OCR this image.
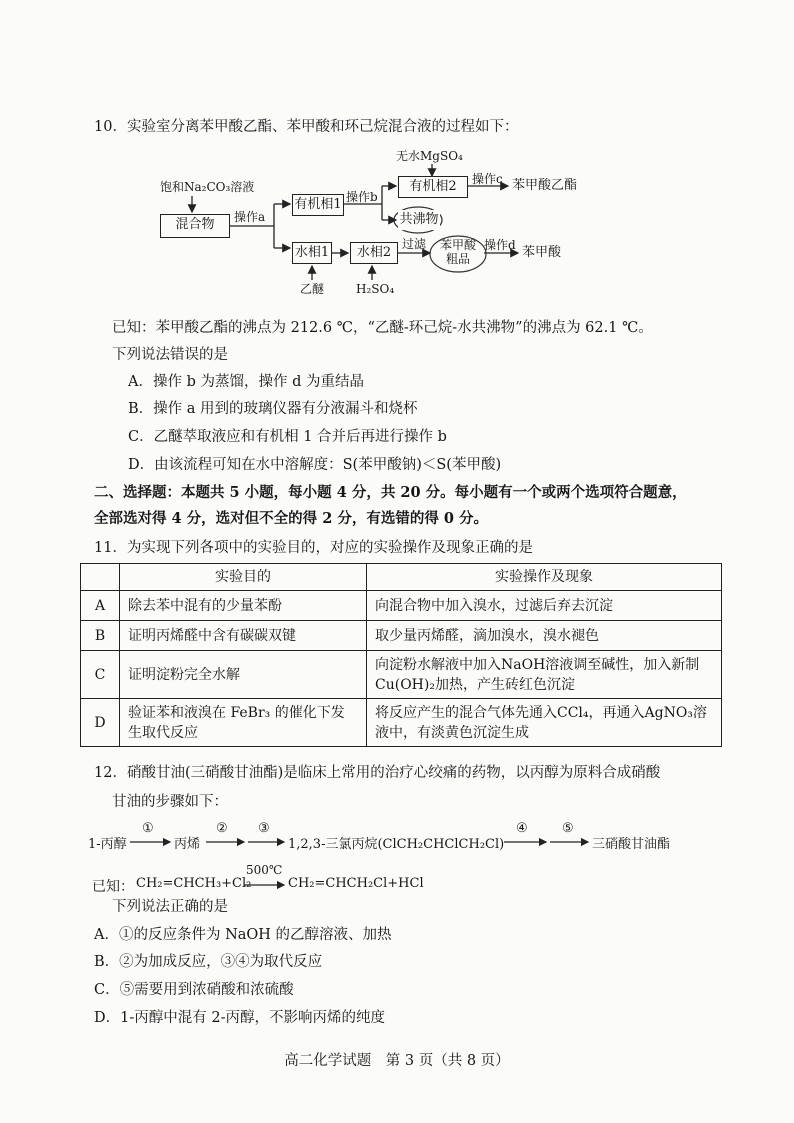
10．实验室分离苯甲酸乙酯、苯甲酸和环己烷混合液的过程如下：
饱和Na₂CO₃溶液
混合物	操作a
有机相1 操作b
无水MgSO₄
有机相2	操作c 苯甲酸乙酯
共沸物
水相1	水相2
乙醚	H₂SO₄
过滤 苯甲酸粗品
操作d 苯甲酸
已知：苯甲酸乙酯的沸点为 212.6 ℃，“乙醚-环己烷-水共沸物”的沸点为 62.1 ℃。
下列说法错误的是
A．操作 b 为蒸馏，操作 d 为重结晶
B．操作 a 用到的玻璃仪器有分液漏斗和烧杯
C．乙醚萃取液应和有机相 1 合并后再进行操作 b
D．由该流程可知在水中溶解度：S(苯甲酸钠)＜S(苯甲酸)
二、选择题：本题共 5 小题，每小题 4 分，共 20 分。每小题有一个或两个选项符合题意，
全部选对得 4 分，选对但不全的得 2 分，有选错的得 0 分。
11．为实现下列各项中的实验目的，对应的实验操作及现象正确的是
	实验目的	实验操作及现象
A	除去苯中混有的少量苯酚	向混合物中加入溴水，过滤后弃去沉淀
B	证明丙烯醛中含有碳碳双键	取少量丙烯醛，滴加溴水，溴水褪色
C	证明淀粉完全水解	向淀粉水解液中加入NaOH溶液调至碱性，加入新制Cu(OH)₂加热，产生砖红色沉淀
D	验证苯和液溴在 FeBr₃ 的催化下发生取代反应	将反应产生的混合气体先通入CCl₄，再通入AgNO₃溶液中，有淡黄色沉淀生成
12．硝酸甘油(三硝酸甘油酯)是临床上常用的治疗心绞痛的药物，以丙醇为原料合成硝酸
甘油的步骤如下：
1-丙醇
①
丙烯
② ③
1,2,3-三氯丙烷(ClCH₂CHClCH₂Cl)
④	⑤
三硝酸甘油酯
已知： CH₂=CHCH₃+Cl₂
500℃
CH₂=CHCH₂Cl+HCl
下列说法正确的是
A．①的反应条件为 NaOH 的乙醇溶液、加热
B．②为加成反应，③④为取代反应
C．⑤需要用到浓硝酸和浓硫酸
D．1-丙醇中混有 2-丙醇，不影响丙烯的纯度
高二化学试题　第 3 页（共 8 页）
